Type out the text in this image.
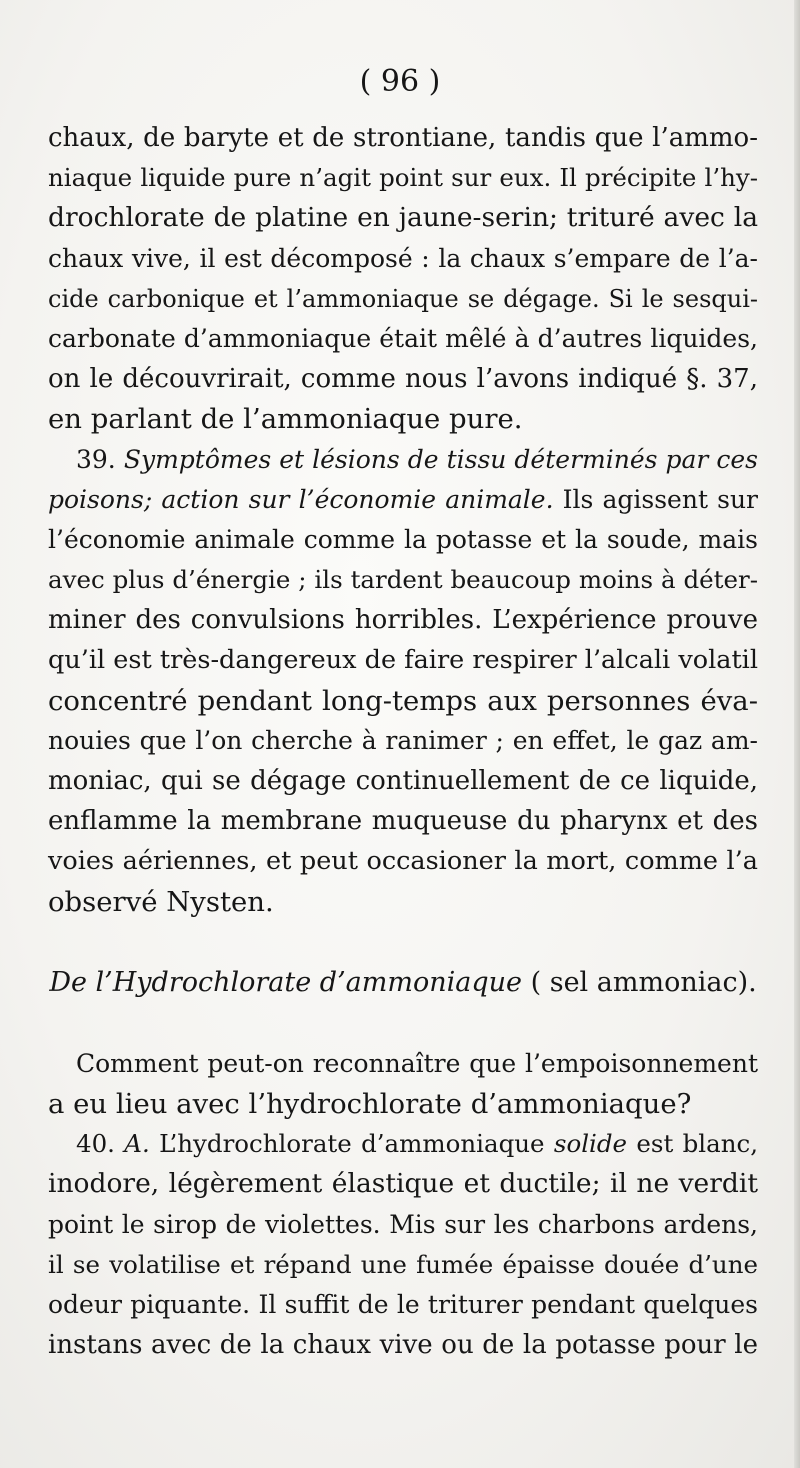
( 96 )
chaux, de baryte et de strontiane, tandis que l’ammo-
niaque liquide pure n’agit point sur eux. Il précipite l’hy-
drochlorate de platine en jaune-serin; trituré avec la
chaux vive, il est décomposé : la chaux s’empare de l’a-
cide carbonique et l’ammoniaque se dégage. Si le sesqui-
carbonate d’ammoniaque était mêlé à d’autres liquides,
on le découvrirait, comme nous l’avons indiqué §. 37,
en parlant de l’ammoniaque pure.
39. Symptômes et lésions de tissu déterminés par ces
poisons; action sur l’économie animale. Ils agissent sur
l’économie animale comme la potasse et la soude, mais
avec plus d’énergie ; ils tardent beaucoup moins à déter-
miner des convulsions horribles. L’expérience prouve
qu’il est très-dangereux de faire respirer l’alcali volatil
concentré pendant long-temps aux personnes éva-
nouies que l’on cherche à ranimer ; en effet, le gaz am-
moniac, qui se dégage continuellement de ce liquide,
enflamme la membrane muqueuse du pharynx et des
voies aériennes, et peut occasioner la mort, comme l’a
observé Nysten.
De l’Hydrochlorate d’ammoniaque ( sel ammoniac).
Comment peut-on reconnaître que l’empoisonnement
a eu lieu avec l’hydrochlorate d’ammoniaque?
40. A. L’hydrochlorate d’ammoniaque solide est blanc,
inodore, légèrement élastique et ductile; il ne verdit
point le sirop de violettes. Mis sur les charbons ardens,
il se volatilise et répand une fumée épaisse douée d’une
odeur piquante. Il suffit de le triturer pendant quelques
instans avec de la chaux vive ou de la potasse pour le
